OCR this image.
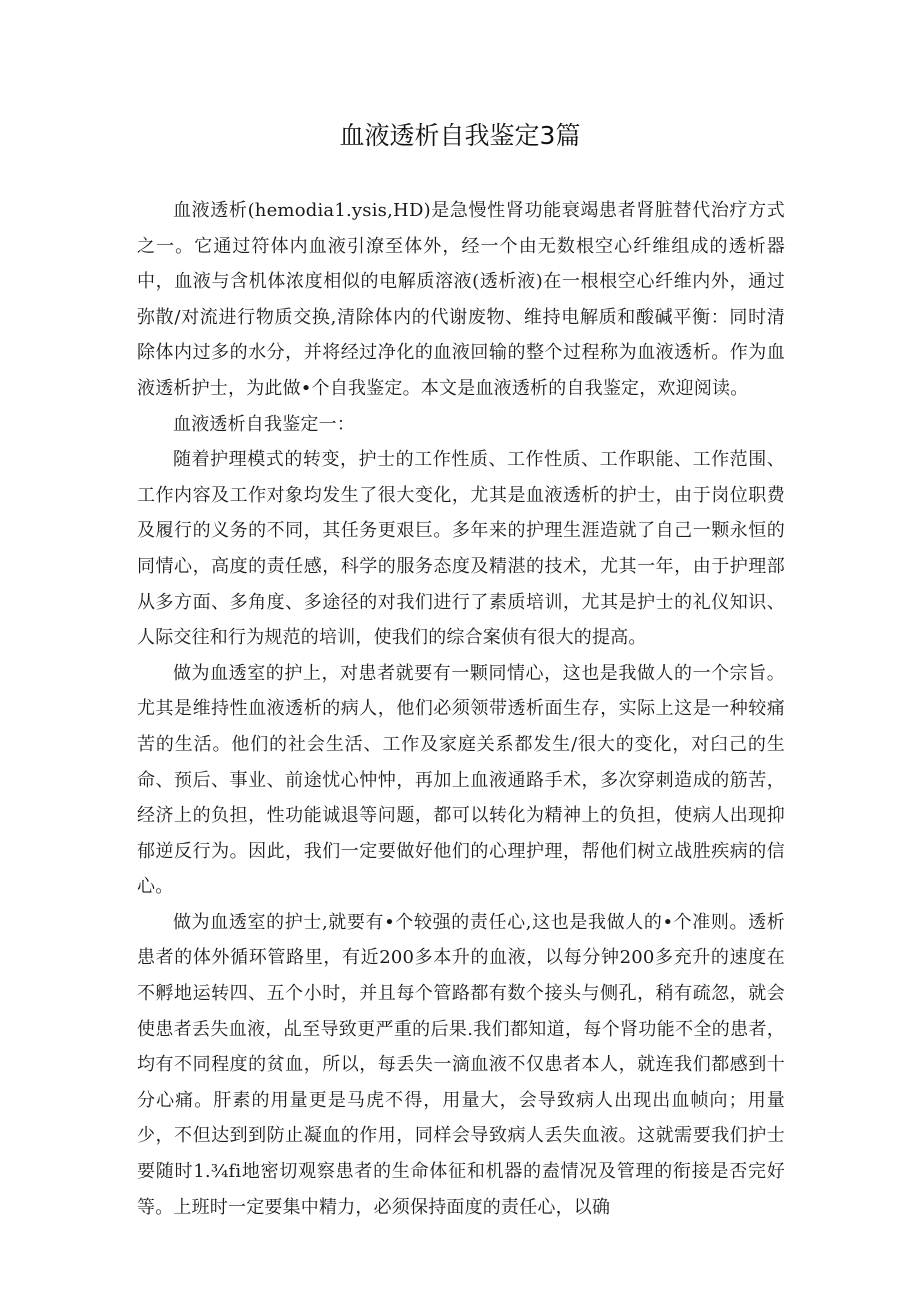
血液透析自我鉴定3篇

血液透析(hemodia1.ysis,HD)是急慢性肾功能衰竭患者肾脏替代治疗方式之一。它通过符体内血液引潦至体外，经一个由无数根空心纤维组成的透析器中，血液与含机体浓度相似的电解质溶液(透析液)在一根根空心纤维内外，通过弥散/对流进行物质交换,清除体内的代谢废物、维持电解质和酸碱平衡：同时清除体内过多的水分，并将经过净化的血液回输的整个过程称为血液透析。作为血液透析护士，为此做•个自我鉴定。本文是血液透析的自我鉴定，欢迎阅读。

血液透析自我鉴定一：

随着护理模式的转变，护士的工作性质、工作性质、工作职能、工作范围、工作内容及工作对象均发生了很大变化，尤其是血液透析的护士，由于岗位职费及履行的义务的不同，其任务更艰巨。多年来的护理生涯造就了自己一颗永恒的同情心，高度的责任感，科学的服务态度及精湛的技术，尤其一年，由于护理部从多方面、多角度、多途径的对我们进行了素质培训，尤其是护士的礼仪知识、人际交往和行为规范的培训，使我们的综合案侦有很大的提高。

做为血透室的护上，对患者就要有一颗同情心，这也是我做人的一个宗旨。尤其是维持性血液透析的病人，他们必须领带透析面生存，实际上这是一种较痛苦的生活。他们的社会生活、工作及家庭关系都发生/很大的变化，对臼己的生命、预后、事业、前途忧心忡忡，再加上血液通路手术，多次穿刺造成的筋苦，经济上的负担，性功能诚退等问题，都可以转化为精神上的负担，使病人出现抑郁逆反行为。因此，我们一定要做好他们的心理护理，帮他们树立战胜疾病的信心。

做为血透室的护士,就要有•个较强的责任心,这也是我做人的•个准则。透析患者的体外循环管路里，有近200多本升的血液，以每分钟200多充升的速度在不孵地运转四、五个小时，并且每个管路都有数个接头与侧孔，稍有疏忽，就会使患者丢失血液，乩至导致更严重的后果.我们都知道，每个肾功能不全的患者，均有不同程度的贫血，所以，每丢失一滴血液不仅患者本人，就连我们都感到十分心痛。肝素的用量更是马虎不得，用量大，会导致病人出现出血帧向；用量少，不但达到到防止凝血的作用，同样会导致病人丢失血液。这就需要我们护士要随时1.¾fi地密切观察患者的生命体征和机器的盍情况及管理的衔接是否完好等。上班时一定要集中精力，必须保持面度的责任心，以确
